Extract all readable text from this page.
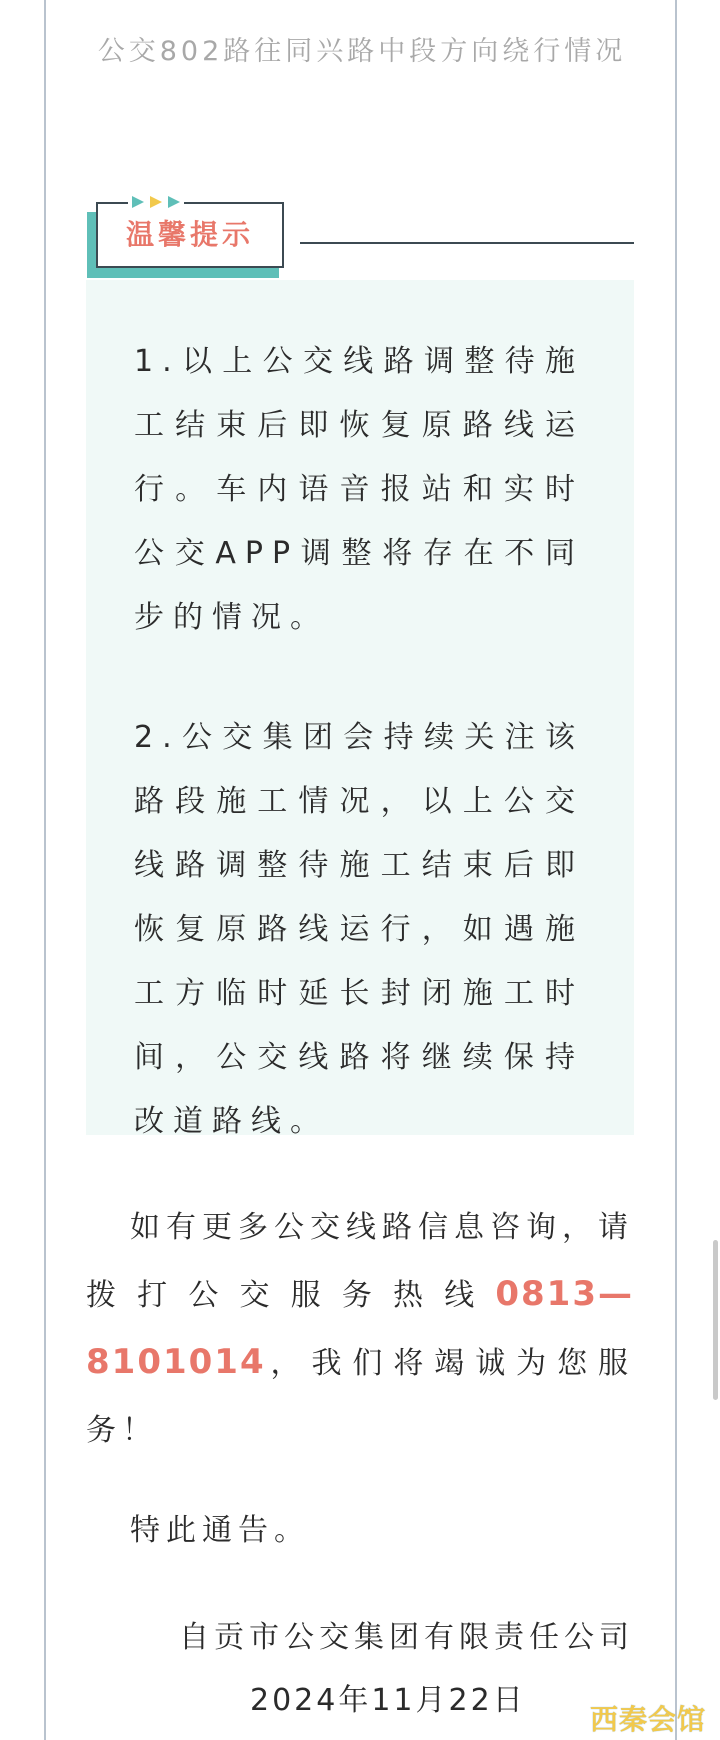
公交802路往同兴路中段方向绕行情况

温馨提示

1.以上公交线路调整待施工结束后即恢复原路线运行。车内语音报站和实时公交APP调整将存在不同步的情况。

2.公交集团会持续关注该路段施工情况，以上公交线路调整待施工结束后即恢复原路线运行，如遇施工方临时延长封闭施工时间，公交线路将继续保持改道路线。

如有更多公交线路信息咨询，请拨打公交服务热线0813—8101014，我们将竭诚为您服务！

特此通告。

自贡市公交集团有限责任公司

2024年11月22日

西秦会馆
